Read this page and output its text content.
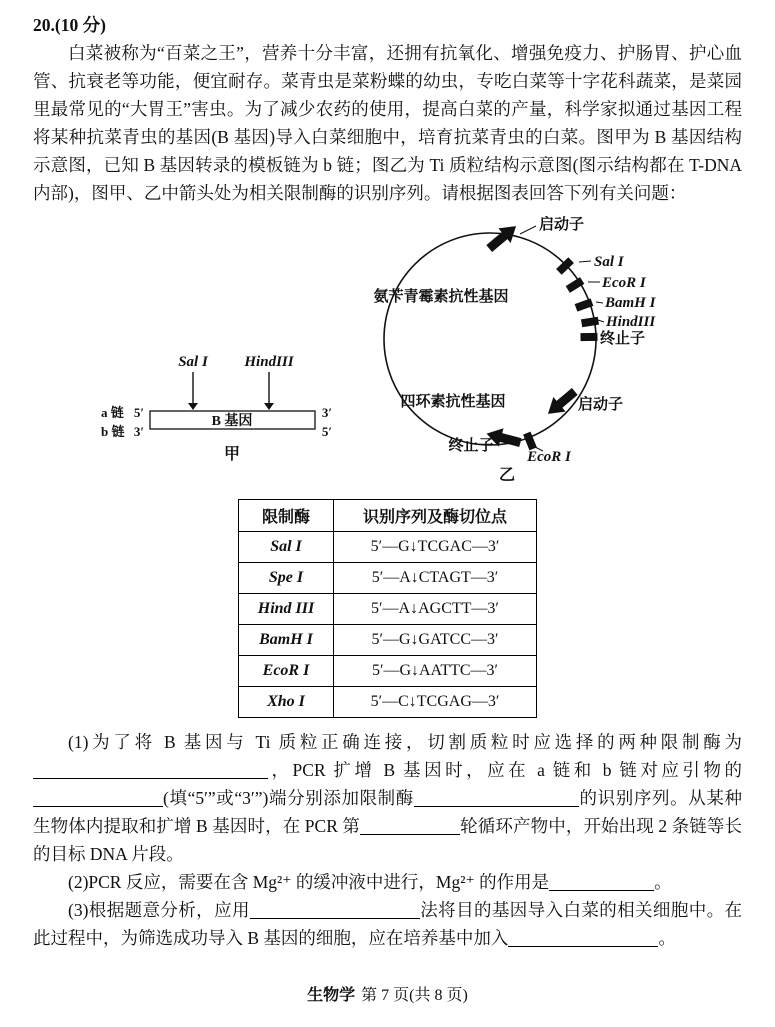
20.(10 分)

白菜被称为“百菜之王”，营养十分丰富，还拥有抗氧化、增强免疫力、护肠胃、护心血管、抗衰老等功能，便宜耐存。菜青虫是菜粉蝶的幼虫，专吃白菜等十字花科蔬菜，是菜园里最常见的“大胃王”害虫。为了减少农药的使用，提高白菜的产量，科学家拟通过基因工程将某种抗菜青虫的基因(B 基因)导入白菜细胞中，培育抗菜青虫的白菜。图甲为 B 基因结构示意图，已知 B 基因转录的模板链为 b 链；图乙为 Ti 质粒结构示意图(图示结构都在 T-DNA 内部)，图甲、乙中箭头处为相关限制酶的识别序列。请根据图表回答下列有关问题：

Sal I HindIII
B 基因
a 链 5′	3′
b 链 3′	5′
甲
启动子
Sal I
EcoR I
BamH I
HindIII
终止子
氨苄青霉素抗性基因
四环素抗性基因	启动子
终止子
EcoR I
乙
限制酶	识别序列及酶切位点
Sal I	5′—G↓TCGAC—3′
Spe I	5′—A↓CTAGT—3′
Hind III	5′—A↓AGCTT—3′
BamH I	5′—G↓GATCC—3′
EcoR I	5′—G↓AATTC—3′
Xho I	5′—C↓TCGAG—3′

(1)为了将 B 基因与 Ti 质粒正确连接，切割质粒时应选择的两种限制酶为，PCR 扩增 B 基因时，应在 a 链和 b 链对应引物的(填“5′”或“3′”)端分别添加限制酶	的识别序列。从某种生物体内提取和扩增 B 基因时，在 PCR 第	轮循环产物中，开始出现 2 条链等长的目标 DNA 片段。

(2)PCR 反应，需要在含 Mg²⁺ 的缓冲液中进行，Mg²⁺ 的作用是	。

(3)根据题意分析，应用	法将目的基因导入白菜的相关细胞中。在此过程中，为筛选成功导入 B 基因的细胞，应在培养基中加入	。

生物学 第 7 页(共 8 页)
